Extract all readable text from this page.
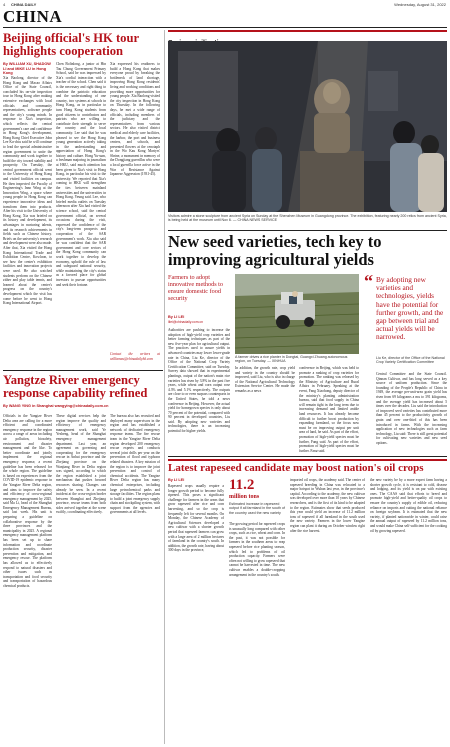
4 CHINA DAILY	Wednesday, August 31, 2022
CHINA
Beijing official's HK tour highlights cooperation
By WILLIAM XU, SHADOW LI and MIKE LU in Hong Kong
Xia Baolong, director of the Hong Kong and Macao Affairs Office of the State Council, concluded his on-site inspection tour in Hong Kong after making extensive exchanges with local officials and community representatives, software people and the city's young minds. In response to Xia's inspection, which reflects the central government's care and confidence in Hong Kong's development, Hong Kong Chief Executive John Lee Ka-chiu said he will continue to lead the special administrative region government to unite the community and work together to build the city toward stability and prosperity. On Tuesday, the central government official went to the University of Hong Kong and visited facilities on campus. He then inspected the Faculty of Engineering's Inno Wing at the Innovation Wing, a space where young people in Hong Kong can experience innovative ideas and transform them into products. After his visit to the University of Hong Kong, Xia was briefed on its history and development, its advantages in nurturing talents, and its research achievements in fields such as Chinese history. Briefs on the university's research and development were also made. After that, Xia visited the Hong Kong International Trade and Exhibition Centre, Kowloon, to see how the center's exhibition facilities and innovation projects were used. He also watched students perform on the Chinese zither and play table tennis, and learned about the center's progress on the country's development which the visit has come before he went to Hong Kong International Airport.
Chen Bolinlong, a junior at Hin Tau Chung Government Primary School, said he was impressed by Xia's cordial interaction with a teacher of the school. Chen said it is the necessary and right thing to combine the patriotic education and the understanding of one country, two systems at schools in Hong Kong, as in particular to turn Hong Kong students from good citizens to contributors and patriots who are willing to contribute their strength to serve the country and the local community. Lee said that he was pleased to see the Hong Kong young generation actively taking in the understanding and appreciation of Hong Kong's history and culture. Hong Yu-sum, a freshman majoring in journalism at HKU, said much attention has been given to Xia's visit to Hong Kong, in particular his visit to the university. We reported that Xia's coming to HKU will strengthen the ties between mainland universities and the universities in Hong Kong. Yeung said. Lee, who briefed media outlets on Tuesday afternoon after Xia had visited the science school, said the central government official, on several occasions during the visit, expressed the confidence of the city's long-term prospects and cooperation of the SAR government's work. Xia also said he was confident that the SAR government and core sectors of the Hong Kong community can work together to develop the economy, uphold the rule of law and safeguard national security, while maintaining the city's status as a favored place for global investors to pursue opportunities and seek their fortune.
Xia expressed his readiness to build a Hong Kong that makes everyone proud by breaking the bottleneck of land shortage, improving Hong Kong residents' living and working conditions and providing more opportunities for young people. Xia Baolong visited the city inspection in Hong Kong on Thursday. In the following days, he met a wide range of officials, including members of the judiciary and the representatives from various sectors. He also visited district medical and elderly care facilities, the harbor, the port and business centers, and schools, and presented flowers at the cenotaph in the Wo Kau Kong Martyrs' Shrine, a monument in memory of the Dongjiang guerrillas who were a local guerrilla force active in the War of Resistance Against Japanese Aggression (1931-45).
Contact the writers at williamxu@chinadailyhk.com
Yangtze River emergency response capability refined
By WANG YING in Shanghai wangying@chinadaily.com.cn
Officials in the Yangtze River Delta area are calling for a more efficient and coordinated emergency response in the region across a range of areas including air pollution, biosafety, environment and disaster management and the like. To better coordinate and jointly implement the regional emergency response, a recent guideline has been released for the whole region. The guideline is based on experiences from the COVID-19 epidemic response in the Yangtze River Delta region, and aims to improve the safety and efficiency of cross-regional emergency management by 2025, said Ma Li, head of the Shanghai Emergency Management Bureau, said last week. His unit is preparing a guideline on collaborative response by the three provinces and the municipality in 2025. A regional emergency management platform has been set up to share information and coordinate production security, disaster prevention and mitigation, and emergency rescue. The platform has allowed us to effectively respond to natural disasters and other issues such as transportation and food security and transportation of hazardous chemical products.
These digital services help the region improve the quality and efficiency of emergency management work, said Ye Yesheng, head of the Shanghai emergency management department. Last year, an agreement on governing and cooperating for the emergency rescue in Anhui province and the Zhejiang province on the Wanjiang River in Delta region was signed, according to which the region established a joint mechanism that pushes forward resources sharing. Changes can already be seen. In a recent incident at the cross-region border between Shanghai and Zhejiang province, rescue teams from both sides arrived together at the scene swiftly, coordinating effectively.
The bureau also has recruited and deployed many supervisors in the region and has established a network of dedicated emergency response teams. The fire rescue team in the Yangtze River Delta region developed 200 emergency rescue experts and conducts several joint drills per year on the prevention of flood and typhoon related disasters. A key mission of the region is to improve the joint prevention and control of chemical accidents. The Yangtze River Delta region has many chemical enterprises, including large petrochemical parks and storage facilities. The region plans to build a joint emergency supply chain and stockpiling system, with support from the agencies and governments at all levels.
Visitors admire a stone sculpture from ancient Syria on Sunday at the Shenzhen Museum in Guangdong province. The exhibition, featuring nearly 200 relics from ancient Syria, is being held at the museum until Nov 6. — CHINA NEWS SERVICE
New seed varieties, tech key to improving agricultural yields
Farmers to adopt innovative methods to ensure domestic food security
By LI LEI
lilei@chinadaily.com.cn
Authorities are pushing to increase the adoption of high-yield crop varieties and better farming techniques as part of the new five-year plan for agricultural output. The practices used to assure yields in advanced countries may lower lower-grade rate in China, Liu Ke, director of the Office of the National Crop Variety Certification Committee, said on Tuesday. Survey data showed that in experimental plantings, output of the nation's main rice varieties has risen by 3.8% in the past five years, while wheat and corn output rose 4.3% and 5.1% respectively. The outputs are close to or even surpass counterparts in the United States, he told a news conference in Beijing. However, the actual yield for homegrown species is only about 70 percent of the potential, compared with 90 percent in developed countries, Liu said. By adopting new varieties and technologies, there is an increasing potential for higher yields.
A farmer drives a rice planter in Dongtai, Guangxi Zhuang autonomous region, on Tuesday. — XINHUA
In addition, the growth rate, crop yield and variety in the country should be improved, said Liu, who is also in charge of the National Agricultural Technology Extension Service Center. He made the remarks as a news
conference in Beijing, which was held to promote a ranking of crop varieties for promotion. The ranking was released by the Ministry of Agriculture and Rural Affairs in February. Speaking at the event, Fang Xiaohong, deputy director of the ministry's planting administration bureau, said that food supply in China will remain tight in the long term due to increasing demand and limited arable land resources. It has already become difficult to further boost production by expanding farmland, so the focus now must be on improving output per unit area of land, he said. As part of the effort, promotion of high-yield species must be further, Fang said. As part of the effort, promotion of high-yield species must be further, Fang said.
“ By adopting new varieties and technologies, yields have the potential for further growth, and the gap between trial and actual yields will be narrowed.
Liu Ke, director of the Office of the National Crop Variety Certification Committee
Central Committee and the State Council. Qinnan Cultivar, and has long served as a key source of uniform production. Since the founding of the People's Republic of China in 1949, the average per-unit-area grain yield has risen from 69 kilograms a mu to 391 kilograms, and the average yield has increased about 5 times over the decades. Liu said the introduction of improved seed varieties has contributed more than 45 percent to the productivity growth of grain and over one-third of this has been introduced in farms. With the increasing application of new technologies such as farm technology, Liu said: There is still great potential for cultivating new varieties and new seed options.
Latest rapeseed candidate may boost nation's oil crops
By LI LEI
Rapeseed crops usually require a longer growth period to become fully ripened. This poses a significant challenge for farmers in the areas that grow rapeseed after rice and corn harvesting, and so the crop is frequently left for several months. On Monday, the Chinese Academy of Agricultural Sciences developed a new cultivar with a shorter growth period that rapeseed farmers can grow with a large area of 2 million hectares of farmland in the country's south. In addition, the growth rate, having about 300 days in the province,
11.2
million tons
Estimated increase in rapeseed output if all farmland in the south of the country used the new variety
The growing period for rapeseed crops is unusually long compared with other crops, such as rice, wheat and corn. In the past, it was not possible for farmers in the southern areas to reap rapeseed before rice planting season, which led to problems of oil production capacity. Farmers were often not willing to grow rapeseed that cannot be harvested in time. The new cultivar enables a double-cropping arrangement in the country's south.
imported oil crops, the academy said. The center of rapeseed breeding in China was relocated to a major hotspot in Wuhan last year, in the province's capital. According to the academy, the new cultivar was developed over more than 10 years by Chinese researchers, and is the first of its kind to be adapted to the region. Estimates show that seeds produced this year could yield an increase of 11.2 million tons of rapeseed if all farmland in the south used the new variety. Farmers in the lower Yangtze region can plant it during an October window right after the rice harvest.
the new variety be by a more expert farm having a shorter growth cycle, it is resistant to cold, disease and lodging, and its yield is on par with existing ones. The CAAS said that efforts to breed and promote high-yield and better-quality oil crops to ensure the country's supply of edible oil, reducing reliance on imports and cutting the national reliance on foreign soybean. It is estimated that the new variety, if planted nationwide in winter, could raise the annual output of rapeseed by 11.2 million tons, and would make China self-sufficient for the cooking oil by growing rapeseed.
